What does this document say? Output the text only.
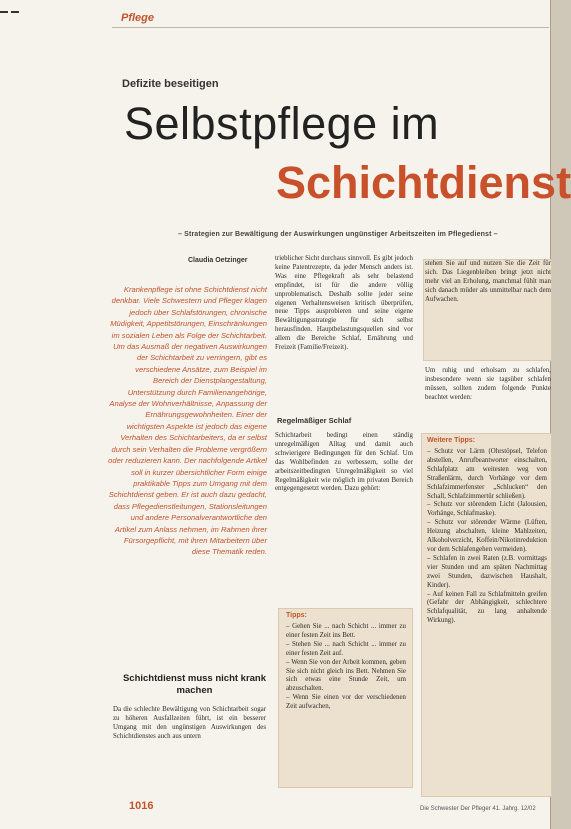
Pflege
Defizite beseitigen
Selbstpflege im
Schichtdienst
– Strategien zur Bewältigung der Auswirkungen ungünstiger Arbeitszeiten im Pflegedienst –
Claudia Oetzinger

Krankenpflege ist ohne Schichtdienst nicht denkbar. Viele Schwestern und Pfleger klagen jedoch über Schlafstörungen, chronische Müdigkeit, Appetitstörungen, Einschränkungen im sozialen Leben als Folge der Schichtarbeit. Um das Ausmaß der negativen Auswirkungen der Schichtarbeit zu verringern, gibt es verschiedene Ansätze, zum Beispiel im Bereich der Dienstplangestaltung, Unterstützung durch Familienangehörige, Analyse der Wohnverhältnisse, Anpassung der Ernährungsgewohnheiten. Einer der wichtigsten Aspekte ist jedoch das eigene Verhalten des Schichtarbeiters, da er selbst durch sein Verhalten die Probleme vergrößern oder reduzieren kann. Der nachfolgende Artikel soll in kurzer übersichtlicher Form einige praktikable Tipps zum Umgang mit dem Schichtdienst geben. Er ist auch dazu gedacht, dass Pflegedienstleitungen, Stationsleitungen und andere Personalverantwortliche den Artikel zum Anlass nehmen, im Rahmen ihrer Fürsorgepflicht, mit ihren Mitarbeitern über diese Thematik reden.

Schichtdienst muss nicht krank machen

Da die schlechte Bewältigung von Schichtarbeit sogar zu höheren Ausfallzeiten führt, ist ein besserer Umgang mit den ungünstigen Auswirkungen des Schichtdienstes auch aus untern

trieblicher Sicht durchaus sinnvoll. Es gibt jedoch keine Patentrezepte, da jeder Mensch anders ist. Was eine Pflegekraft als sehr belastend empfindet, ist für die andere völlig unproblematisch. Deshalb sollte jeder seine eigenen Verhaltensweisen kritisch überprüfen, neue Tipps ausprobieren und seine eigene Bewältigungsstrategie für sich selbst herausfinden. Hauptbelastungsquellen sind vor allem die Bereiche Schlaf, Ernährung und Freizeit (Familie/Freizeit).

Regelmäßiger Schlaf

Schichtarbeit bedingt einen ständig unregelmäßigen Alltag und damit auch schwierigere Bedingungen für den Schlaf. Um das Wohlbefinden zu verbessern, sollte der arbeitszeitbedingten Unregelmäßigkeit so viel Regelmäßigkeit wie möglich im privaten Bereich entgegengesetzt werden. Dazu gehört:

Tipps:

– Gehen Sie ... nach Schicht ... immer zu einer festen Zeit ins Bett.

– Stehen Sie ... nach Schicht ... immer zu einer festen Zeit auf.

– Wenn Sie von der Arbeit kommen, geben Sie sich nicht gleich ins Bett. Nehmen Sie sich etwas eine Stunde Zeit, um abzuschalten.

– Wenn Sie einen vor der verschiedenen Zeit aufwachen,

stehen Sie auf und nutzen Sie die Zeit für sich. Das Liegenbleiben bringt jetzt nicht mehr viel an Erholung, manchmal fühlt man sich danach müder als unmittelbar nach dem Aufwachen.

Um ruhig und erholsam zu schlafen, insbesondere wenn sie tagsüber schlafen müssen, sollten zudem folgende Punkte beachtet werden:

Weitere Tipps:

– Schutz vor Lärm (Ohrstöpsel, Telefon abstellen, Anrufbeantworter einschalten, Schlafplatz am weitesten weg von Straßenlärm, durch Vorhänge vor dem Schlafzimmerfenster „Schlucken“ den Schall, Schlafzimmertür schließen).

– Schutz vor störendem Licht (Jalousien, Vorhänge, Schlafmaske).

– Schutz vor störender Wärme (Lüften, Heizung abschalten, kleine Mahlzeiten, Alkoholverzicht, Koffein/Nikotinreduktion vor dem Schlafengehen vermeiden).

– Schlafen in zwei Raten (z.B. vormittags vier Stunden und am späten Nachmittag zwei Stunden, dazwischen Haushalt, Kinder).

– Auf keinen Fall zu Schlafmitteln greifen (Gefahr der Abhängigkeit, schlechtere Schlafqualität, zu lang anhaltende Wirkung).

1016	Die Schwester Der Pfleger 41. Jahrg. 12/02
